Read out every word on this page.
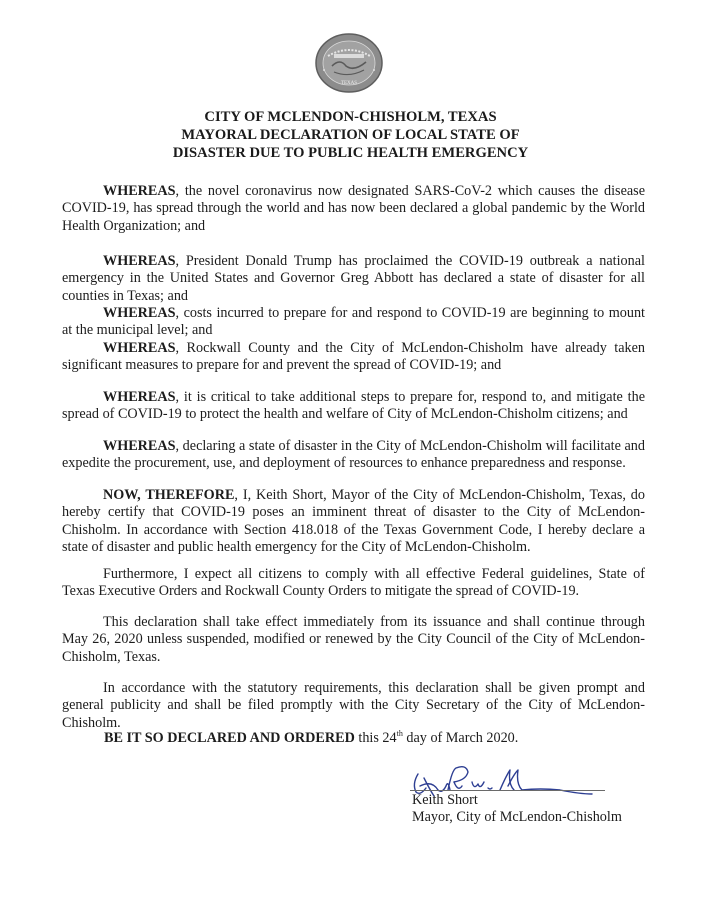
TEXAS
CITY OF MCLENDON-CHISHOLM, TEXAS
MAYORAL DECLARATION OF LOCAL STATE OF
DISASTER DUE TO PUBLIC HEALTH EMERGENCY
WHEREAS, the novel coronavirus now designated SARS-CoV-2 which causes the disease COVID-19, has spread through the world and has now been declared a global pandemic by the World Health Organization; and
WHEREAS, President Donald Trump has proclaimed the COVID-19 outbreak a national emergency in the United States and Governor Greg Abbott has declared a state of disaster for all counties in Texas; and
WHEREAS, costs incurred to prepare for and respond to COVID-19 are beginning to mount at the municipal level; and
WHEREAS, Rockwall County and the City of McLendon-Chisholm have already taken significant measures to prepare for and prevent the spread of COVID-19; and
WHEREAS, it is critical to take additional steps to prepare for, respond to, and mitigate the spread of COVID-19 to protect the health and welfare of City of McLendon-Chisholm citizens; and
WHEREAS, declaring a state of disaster in the City of McLendon-Chisholm will facilitate and expedite the procurement, use, and deployment of resources to enhance preparedness and response.
NOW, THEREFORE, I, Keith Short, Mayor of the City of McLendon-Chisholm, Texas, do hereby certify that COVID-19 poses an imminent threat of disaster to the City of McLendon-Chisholm. In accordance with Section 418.018 of the Texas Government Code, I hereby declare a state of disaster and public health emergency for the City of McLendon-Chisholm.
Furthermore, I expect all citizens to comply with all effective Federal guidelines, State of Texas Executive Orders and Rockwall County Orders to mitigate the spread of COVID-19.
This declaration shall take effect immediately from its issuance and shall continue through May 26, 2020 unless suspended, modified or renewed by the City Council of the City of McLendon-Chisholm, Texas.
In accordance with the statutory requirements, this declaration shall be given prompt and general publicity and shall be filed promptly with the City Secretary of the City of McLendon-Chisholm.
BE IT SO DECLARED AND ORDERED this 24th day of March 2020.
Keith Short
Mayor, City of McLendon-Chisholm
